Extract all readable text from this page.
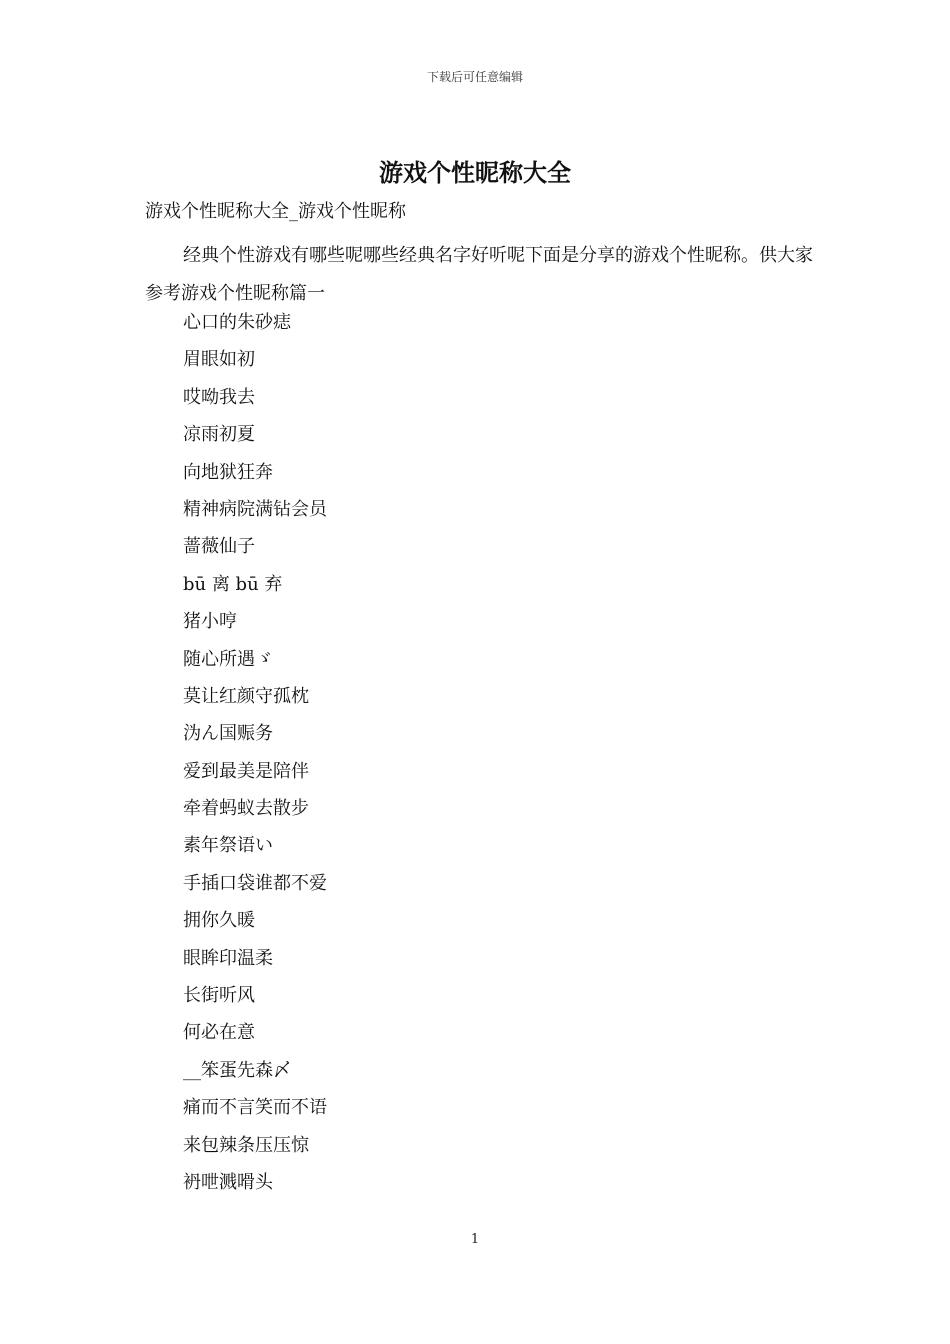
下载后可任意编辑
游戏个性昵称大全

游戏个性昵称大全_游戏个性昵称

经典个性游戏有哪些呢哪些经典名字好听呢下面是分享的游戏个性昵称。供大家参考游戏个性昵称篇一

心口的朱砂痣
眉眼如初
哎呦我去
凉雨初夏
向地狱狂奔
精神病院满钻会员
蔷薇仙子
bū 离 bū 弃
猪小哼
随心所遇ゞ
莫让红颜守孤枕
沩ん国赈务
爱到最美是陪伴
牵着蚂蚁去散步
素年祭语い
手插口袋谁都不爱
拥你久暖
眼眸印温柔
长街听风
何必在意
__笨蛋先森〆
痛而不言笑而不语
来包辣条压压惊
袇呭溅嗗头
1
